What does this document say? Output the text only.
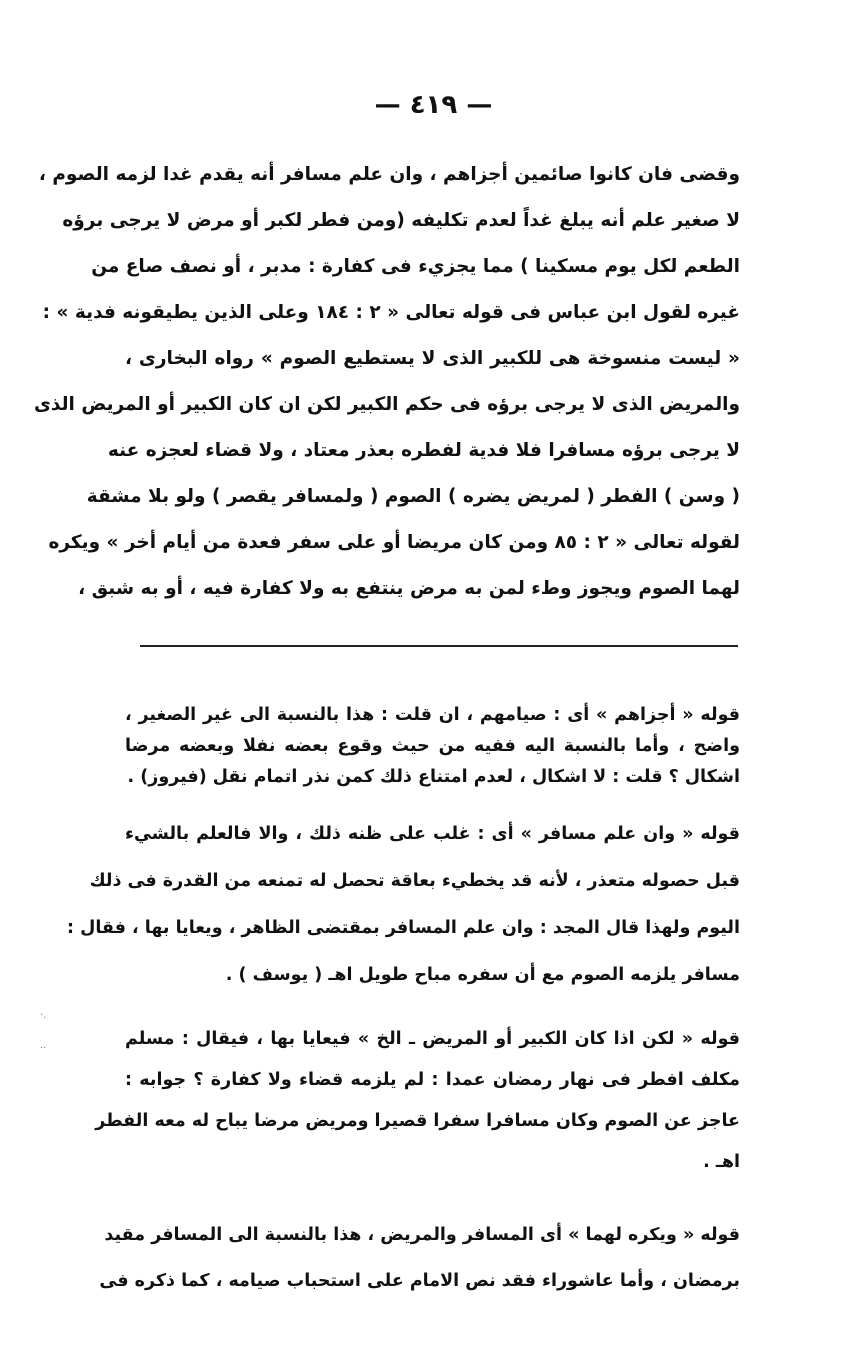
— ٤١٩ —
وقضى فان كانوا صائمين أجزاهم ، وان علم مسافر أنه يقدم غدا لزمه الصوم ،
لا صغير علم أنه يبلغ غداً لعدم تكليفه (ومن فطر لكبر أو مرض لا يرجى برؤه
الطعم لكل يوم مسكينا ) مما يجزيء فى كفارة : مدبر ، أو نصف صاع من
غيره لقول ابن عباس فى قوله تعالى « ٢ : ١٨٤ وعلى الذين يطيقونه فدية » :
« ليست منسوخة هى للكبير الذى لا يستطيع الصوم » رواه البخارى ،
والمريض الذى لا يرجى برؤه فى حكم الكبير لكن ان كان الكبير أو المريض الذى
لا يرجى برؤه مسافرا فلا فدية لفطره بعذر معتاد ، ولا قضاء لعجزه عنه
( وسن ) الفطر ( لمريض يضره ) الصوم ( ولمسافر يقصر ) ولو بلا مشقة
لقوله تعالى « ٢ : ٨٥ ومن كان مريضا أو على سفر فعدة من أيام أخر » ويكره
لهما الصوم ويجوز وطء لمن به مرض ينتفع به ولا كفارة فيه ، أو به شبق ،
قوله « أجزاهم » أى : صيامهم ، ان قلت : هذا بالنسبة الى غير الصغير ،
واضح ، وأما بالنسبة اليه ففيه من حيث وقوع بعضه نفلا وبعضه مرضا
اشكال ؟ قلت : لا اشكال ، لعدم امتناع ذلك كمن نذر اتمام نقل (فيروز) .
قوله « وان علم مسافر » أى : غلب على ظنه ذلك ، والا فالعلم بالشيء
قبل حصوله متعذر ، لأنه قد يخطيء بعاقة تحصل له تمنعه من القدرة فى ذلك
اليوم ولهذا قال المجد : وان علم المسافر بمقتضى الظاهر ، ويعايا بها ، فقال :
مسافر يلزمه الصوم مع أن سفره مباح طويل اهـ ( يوسف ) .
قوله « لكن اذا كان الكبير أو المريض ـ الخ » فيعايا بها ، فيقال : مسلم
مكلف افطر فى نهار رمضان عمدا : لم يلزمه قضاء ولا كفارة ؟ جوابه :
عاجز عن الصوم وكان مسافرا سفرا قصيرا ومريض مرضا يباح له معه الفطر
اهـ .
قوله « ويكره لهما » أى المسافر والمريض ، هذا بالنسبة الى المسافر مقيد
برمضان ، وأما عاشوراء فقد نص الامام على استحباب صيامه ، كما ذكره فى
·.
..
